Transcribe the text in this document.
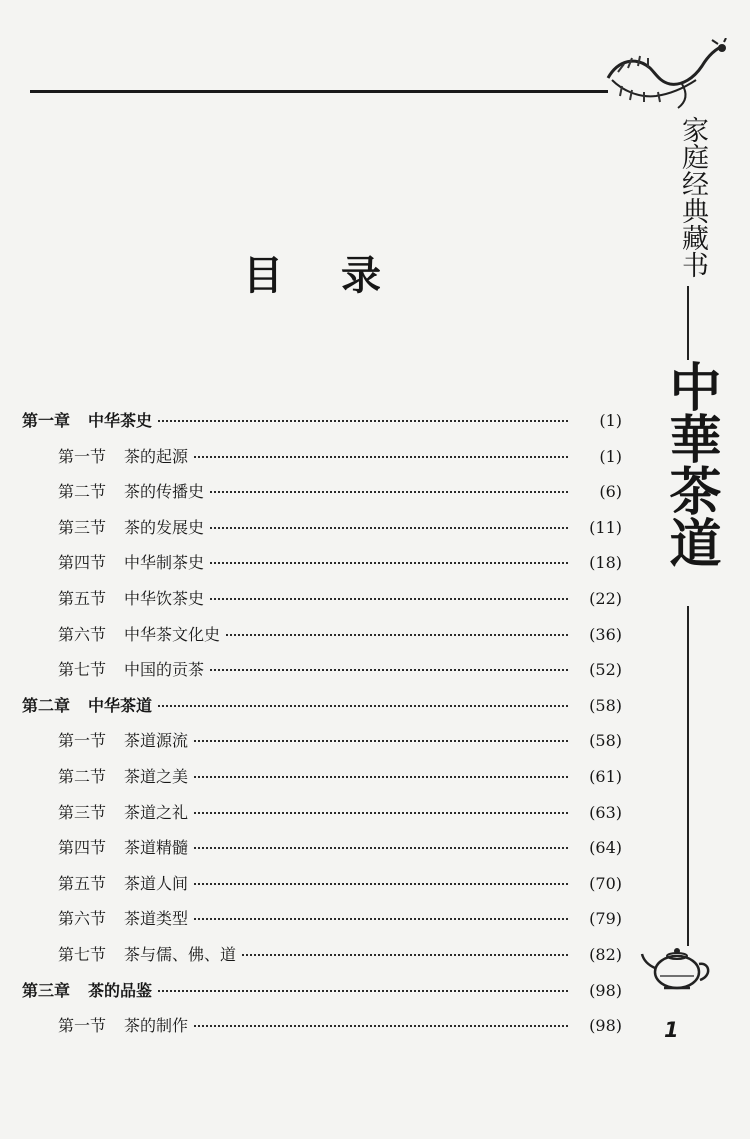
家庭经典藏书
中華茶道
1
目录
第一章 中华茶史	(1)
第一节 茶的起源	(1)
第二节 茶的传播史	(6)
第三节 茶的发展史	(11)
第四节 中华制茶史	(18)
第五节 中华饮茶史	(22)
第六节 中华茶文化史	(36)
第七节 中国的贡茶	(52)
第二章 中华茶道	(58)
第一节 茶道源流	(58)
第二节 茶道之美	(61)
第三节 茶道之礼	(63)
第四节 茶道精髓	(64)
第五节 茶道人间	(70)
第六节 茶道类型	(79)
第七节 茶与儒、佛、道	(82)
第三章 茶的品鉴	(98)
第一节 茶的制作	(98)
